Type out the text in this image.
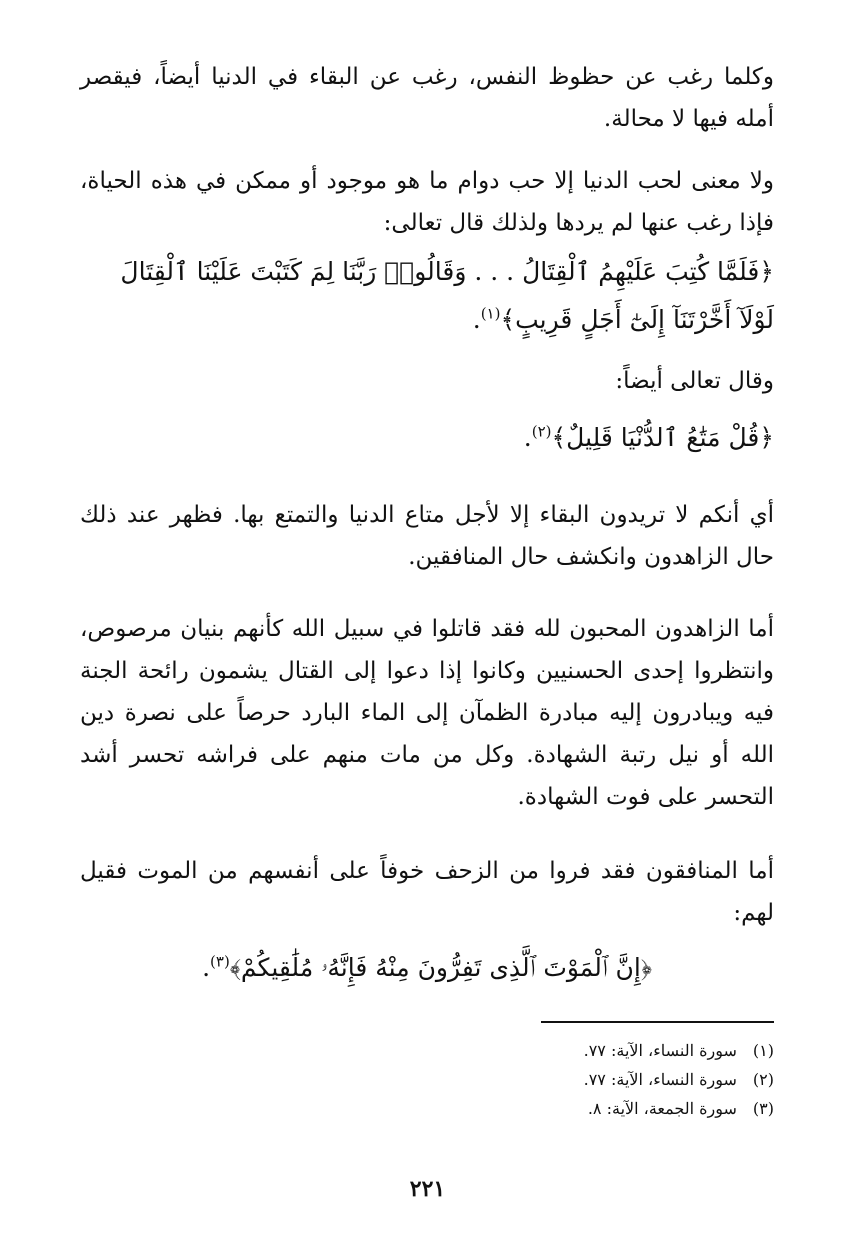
وكلما رغب عن حظوظ النفس، رغب عن البقاء في الدنيا أيضاً، فيقصر أمله فيها لا محالة.

ولا معنى لحب الدنيا إلا حب دوام ما هو موجود أو ممكن في هذه الحياة، فإذا رغب عنها لم يردها ولذلك قال تعالى:

﴿فَلَمَّا كُتِبَ عَلَيْهِمُ ٱلْقِتَالُ . . . وَقَالُوا۟ رَبَّنَا لِمَ كَتَبْتَ عَلَيْنَا ٱلْقِتَالَ لَوْلَآ أَخَّرْتَنَآ إِلَىٰٓ أَجَلٍ قَرِيبٍ﴾$^{(١)}$.

وقال تعالى أيضاً:

﴿قُلْ مَتَٰعُ ٱلدُّنْيَا قَلِيلٌ﴾$^{(٢)}$.

أي أنكم لا تريدون البقاء إلا لأجل متاع الدنيا والتمتع بها. فظهر عند ذلك حال الزاهدون وانكشف حال المنافقين.

أما الزاهدون المحبون لله فقد قاتلوا في سبيل الله كأنهم بنيان مرصوص، وانتظروا إحدى الحسنيين وكانوا إذا دعوا إلى القتال يشمون رائحة الجنة فيه ويبادرون إليه مبادرة الظمآن إلى الماء البارد حرصاً على نصرة دين الله أو نيل رتبة الشهادة. وكل من مات منهم على فراشه تحسر أشد التحسر على فوت الشهادة.

أما المنافقون فقد فروا من الزحف خوفاً على أنفسهم من الموت فقيل لهم:

﴿إِنَّ ٱلْمَوْتَ ٱلَّذِى تَفِرُّونَ مِنْهُ فَإِنَّهُۥ مُلَٰقِيكُمْ﴾$^{(٣)}$.

(١)سورة النساء، الآية: ٧٧.
(٢)سورة النساء، الآية: ٧٧.
(٣)سورة الجمعة، الآية: ٨.
٢٢١
